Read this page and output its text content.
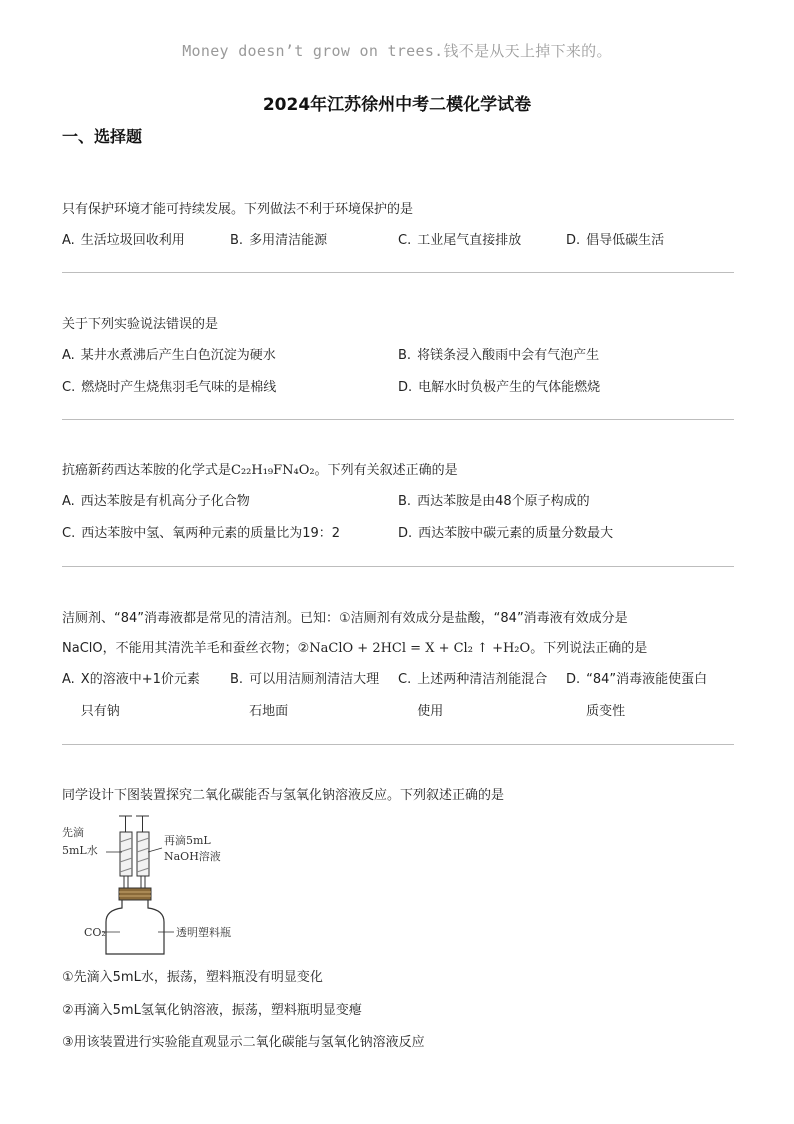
Money doesn’t grow on trees.钱不是从天上掉下来的。
2024年江苏徐州中考二模化学试卷
一、选择题

只有保护环境才能可持续发展。下列做法不利于环境保护的是

A. 生活垃圾回收利用	B. 多用清洁能源	C. 工业尾气直接排放	D. 倡导低碳生活

关于下列实验说法错误的是

A. 某井水煮沸后产生白色沉淀为硬水	B. 将镁条浸入酸雨中会有气泡产生
C. 燃烧时产生烧焦羽毛气味的是棉线	D. 电解水时负极产生的气体能燃烧

抗癌新药西达苯胺的化学式是C₂₂H₁₉FN₄O₂。下列有关叙述正确的是

A. 西达苯胺是有机高分子化合物	B. 西达苯胺是由48个原子构成的
C. 西达苯胺中氢、氧两种元素的质量比为19：2	D. 西达苯胺中碳元素的质量分数最大

洁厕剂、“84”消毒液都是常见的清洁剂。已知：①洁厕剂有效成分是盐酸，“84”消毒液有效成分是
NaClO，不能用其清洗羊毛和蚕丝衣物；②NaClO + 2HCl = X + Cl₂ ↑ +H₂O。下列说法正确的是

A. X的溶液中+1价元素只有钠
B. 可以用洁厕剂清洁大理石地面
C. 上述两种清洁剂能混合使用
D. “84”消毒液能使蛋白质变性

同学设计下图装置探究二氧化碳能否与氢氧化钠溶液反应。下列叙述正确的是

先滴
5mL水
再滴5mL
NaOH溶液
CO₂	透明塑料瓶
①先滴入5mL水，振荡，塑料瓶没有明显变化
②再滴入5mL氢氧化钠溶液，振荡，塑料瓶明显变瘪
③用该装置进行实验能直观显示二氧化碳能与氢氧化钠溶液反应
